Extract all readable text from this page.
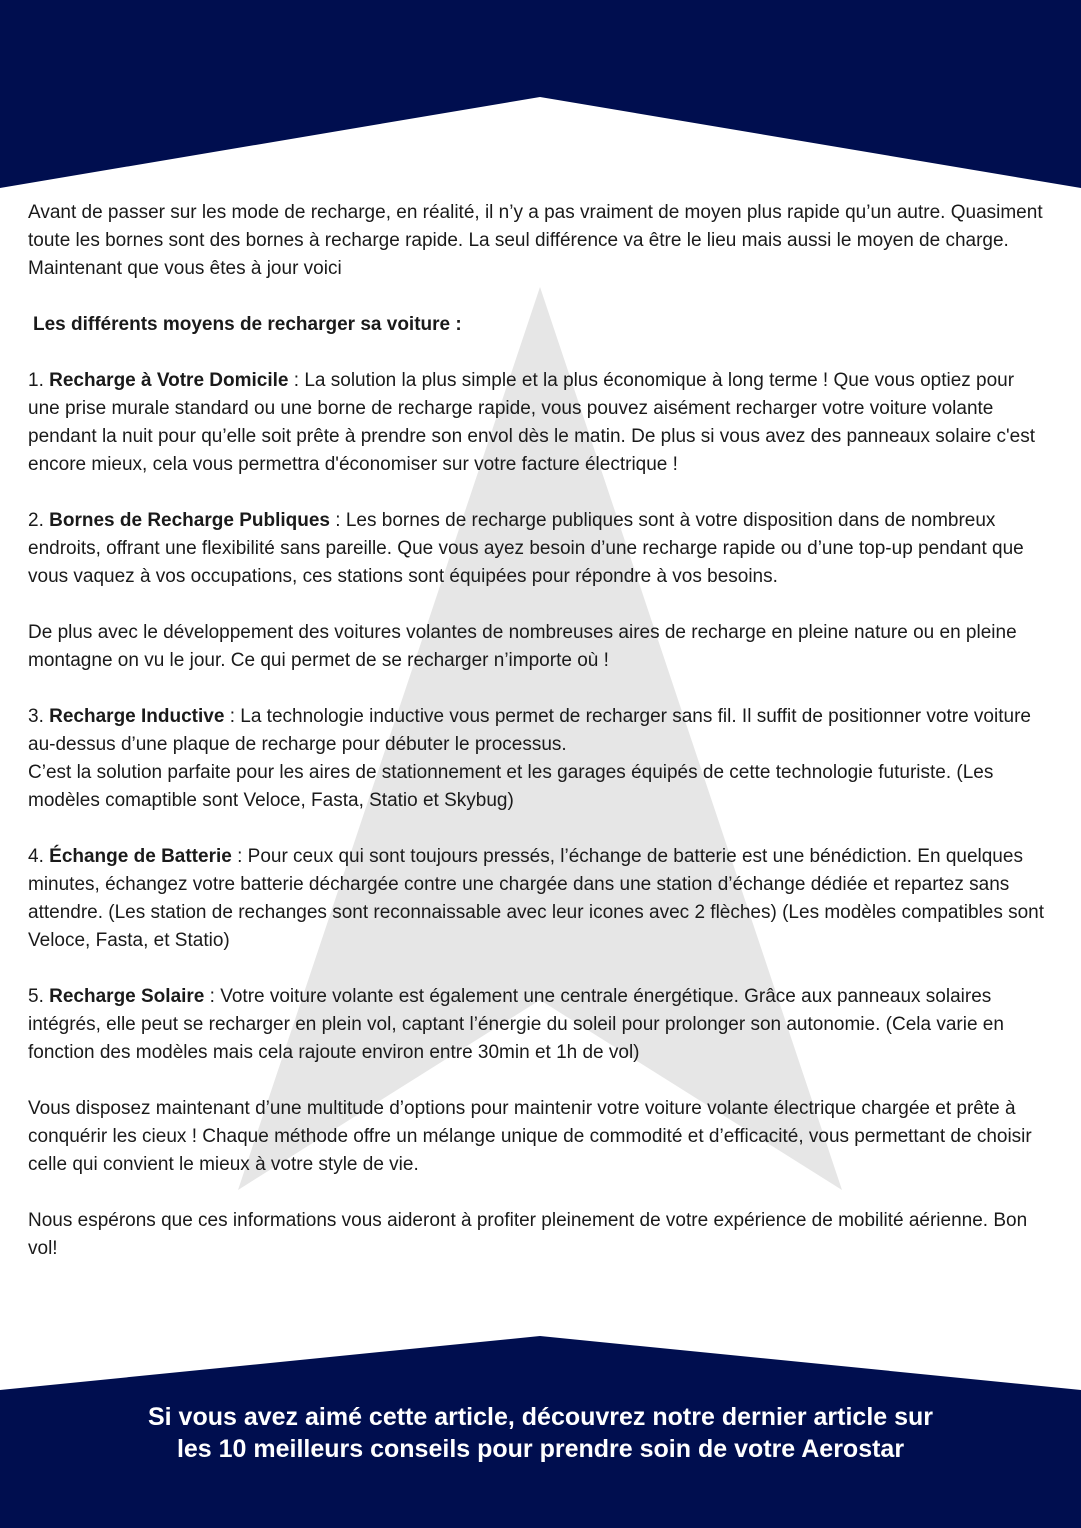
Avant de passer sur les mode de recharge, en réalité, il n’y a pas vraiment de moyen plus rapide qu’un autre. Quasiment toute les bornes sont des bornes à recharge rapide. La seul différence va être le lieu mais aussi le moyen de charge. Maintenant que vous êtes à jour voici

Les différents moyens de recharger sa voiture :

1. Recharge à Votre Domicile : La solution la plus simple et la plus économique à long terme ! Que vous optiez pour une prise murale standard ou une borne de recharge rapide, vous pouvez aisément recharger votre voiture volante pendant la nuit pour qu’elle soit prête à prendre son envol dès le matin. De plus si vous avez des panneaux solaire c'est encore mieux, cela vous permettra d'économiser sur votre facture électrique !

2. Bornes de Recharge Publiques : Les bornes de recharge publiques sont à votre disposition dans de nombreux endroits, offrant une flexibilité sans pareille. Que vous ayez besoin d’une recharge rapide ou d’une top-up pendant que vous vaquez à vos occupations, ces stations sont équipées pour répondre à vos besoins.

De plus avec le développement des voitures volantes de nombreuses aires de recharge en pleine nature ou en pleine montagne on vu le jour. Ce qui permet de se recharger n’importe où !

3. Recharge Inductive : La technologie inductive vous permet de recharger sans fil. Il suffit de positionner votre voiture au-dessus d’une plaque de recharge pour débuter le processus.
C’est la solution parfaite pour les aires de stationnement et les garages équipés de cette technologie futuriste. (Les modèles comaptible sont Veloce, Fasta, Statio et Skybug)

4. Échange de Batterie : Pour ceux qui sont toujours pressés, l’échange de batterie est une bénédiction. En quelques minutes, échangez votre batterie déchargée contre une chargée dans une station d’échange dédiée et repartez sans attendre. (Les station de rechanges sont reconnaissable avec leur icones avec 2 flèches) (Les modèles compatibles sont Veloce, Fasta, et Statio)

5. Recharge Solaire : Votre voiture volante est également une centrale énergétique. Grâce aux panneaux solaires intégrés, elle peut se recharger en plein vol, captant l’énergie du soleil pour prolonger son autonomie. (Cela varie en fonction des modèles mais cela rajoute environ entre 30min et 1h de vol)

Vous disposez maintenant d’une multitude d’options pour maintenir votre voiture volante électrique chargée et prête à conquérir les cieux ! Chaque méthode offre un mélange unique de commodité et d’efficacité, vous permettant de choisir celle qui convient le mieux à votre style de vie.

Nous espérons que ces informations vous aideront à profiter pleinement de votre expérience de mobilité aérienne. Bon vol!

Si vous avez aimé cette article, découvrez notre dernier article sur les 10 meilleurs conseils pour prendre soin de votre Aerostar
